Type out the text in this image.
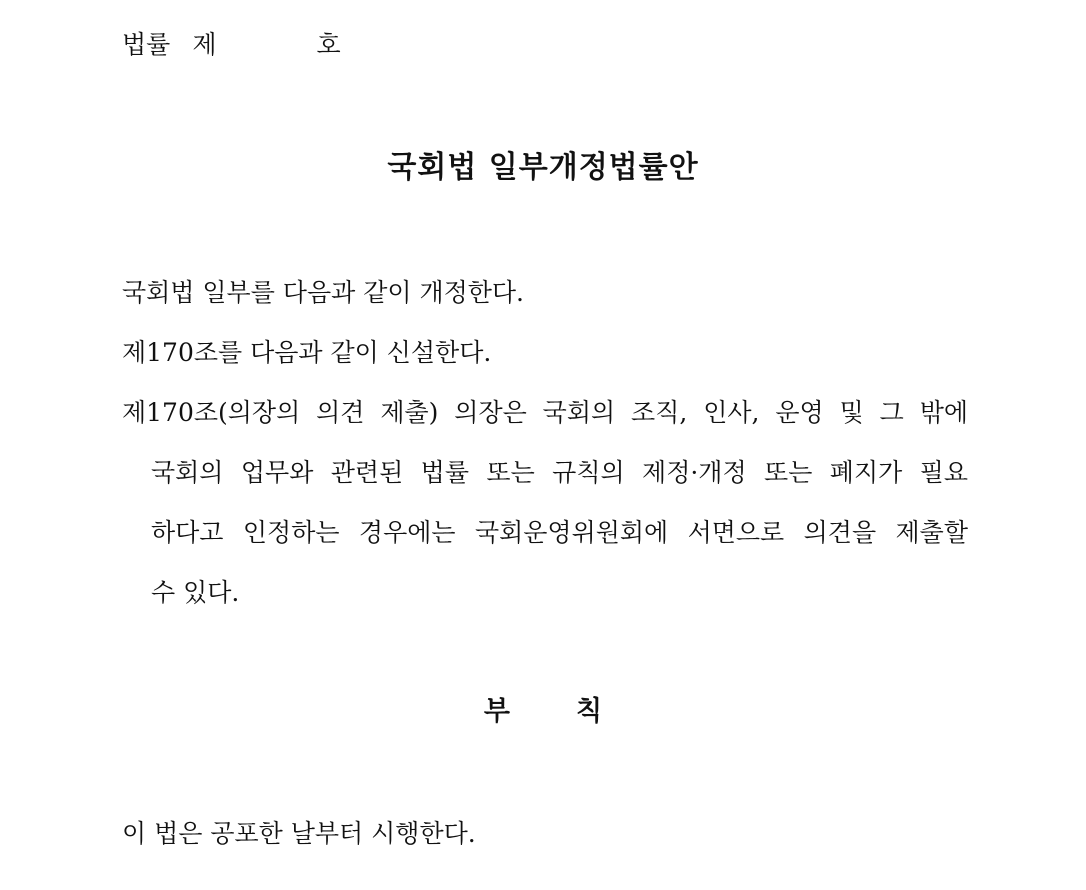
법률 제	호
국회법 일부개정법률안
국회법 일부를 다음과 같이 개정한다.
제170조를 다음과 같이 신설한다.
제170조(의장의 의견 제출) 의장은 국회의 조직, 인사, 운영 및 그 밖에
국회의 업무와 관련된 법률 또는 규칙의 제정·개정 또는 폐지가 필요
하다고 인정하는 경우에는 국회운영위원회에 서면으로 의견을 제출할
수 있다.
부 칙
이 법은 공포한 날부터 시행한다.
